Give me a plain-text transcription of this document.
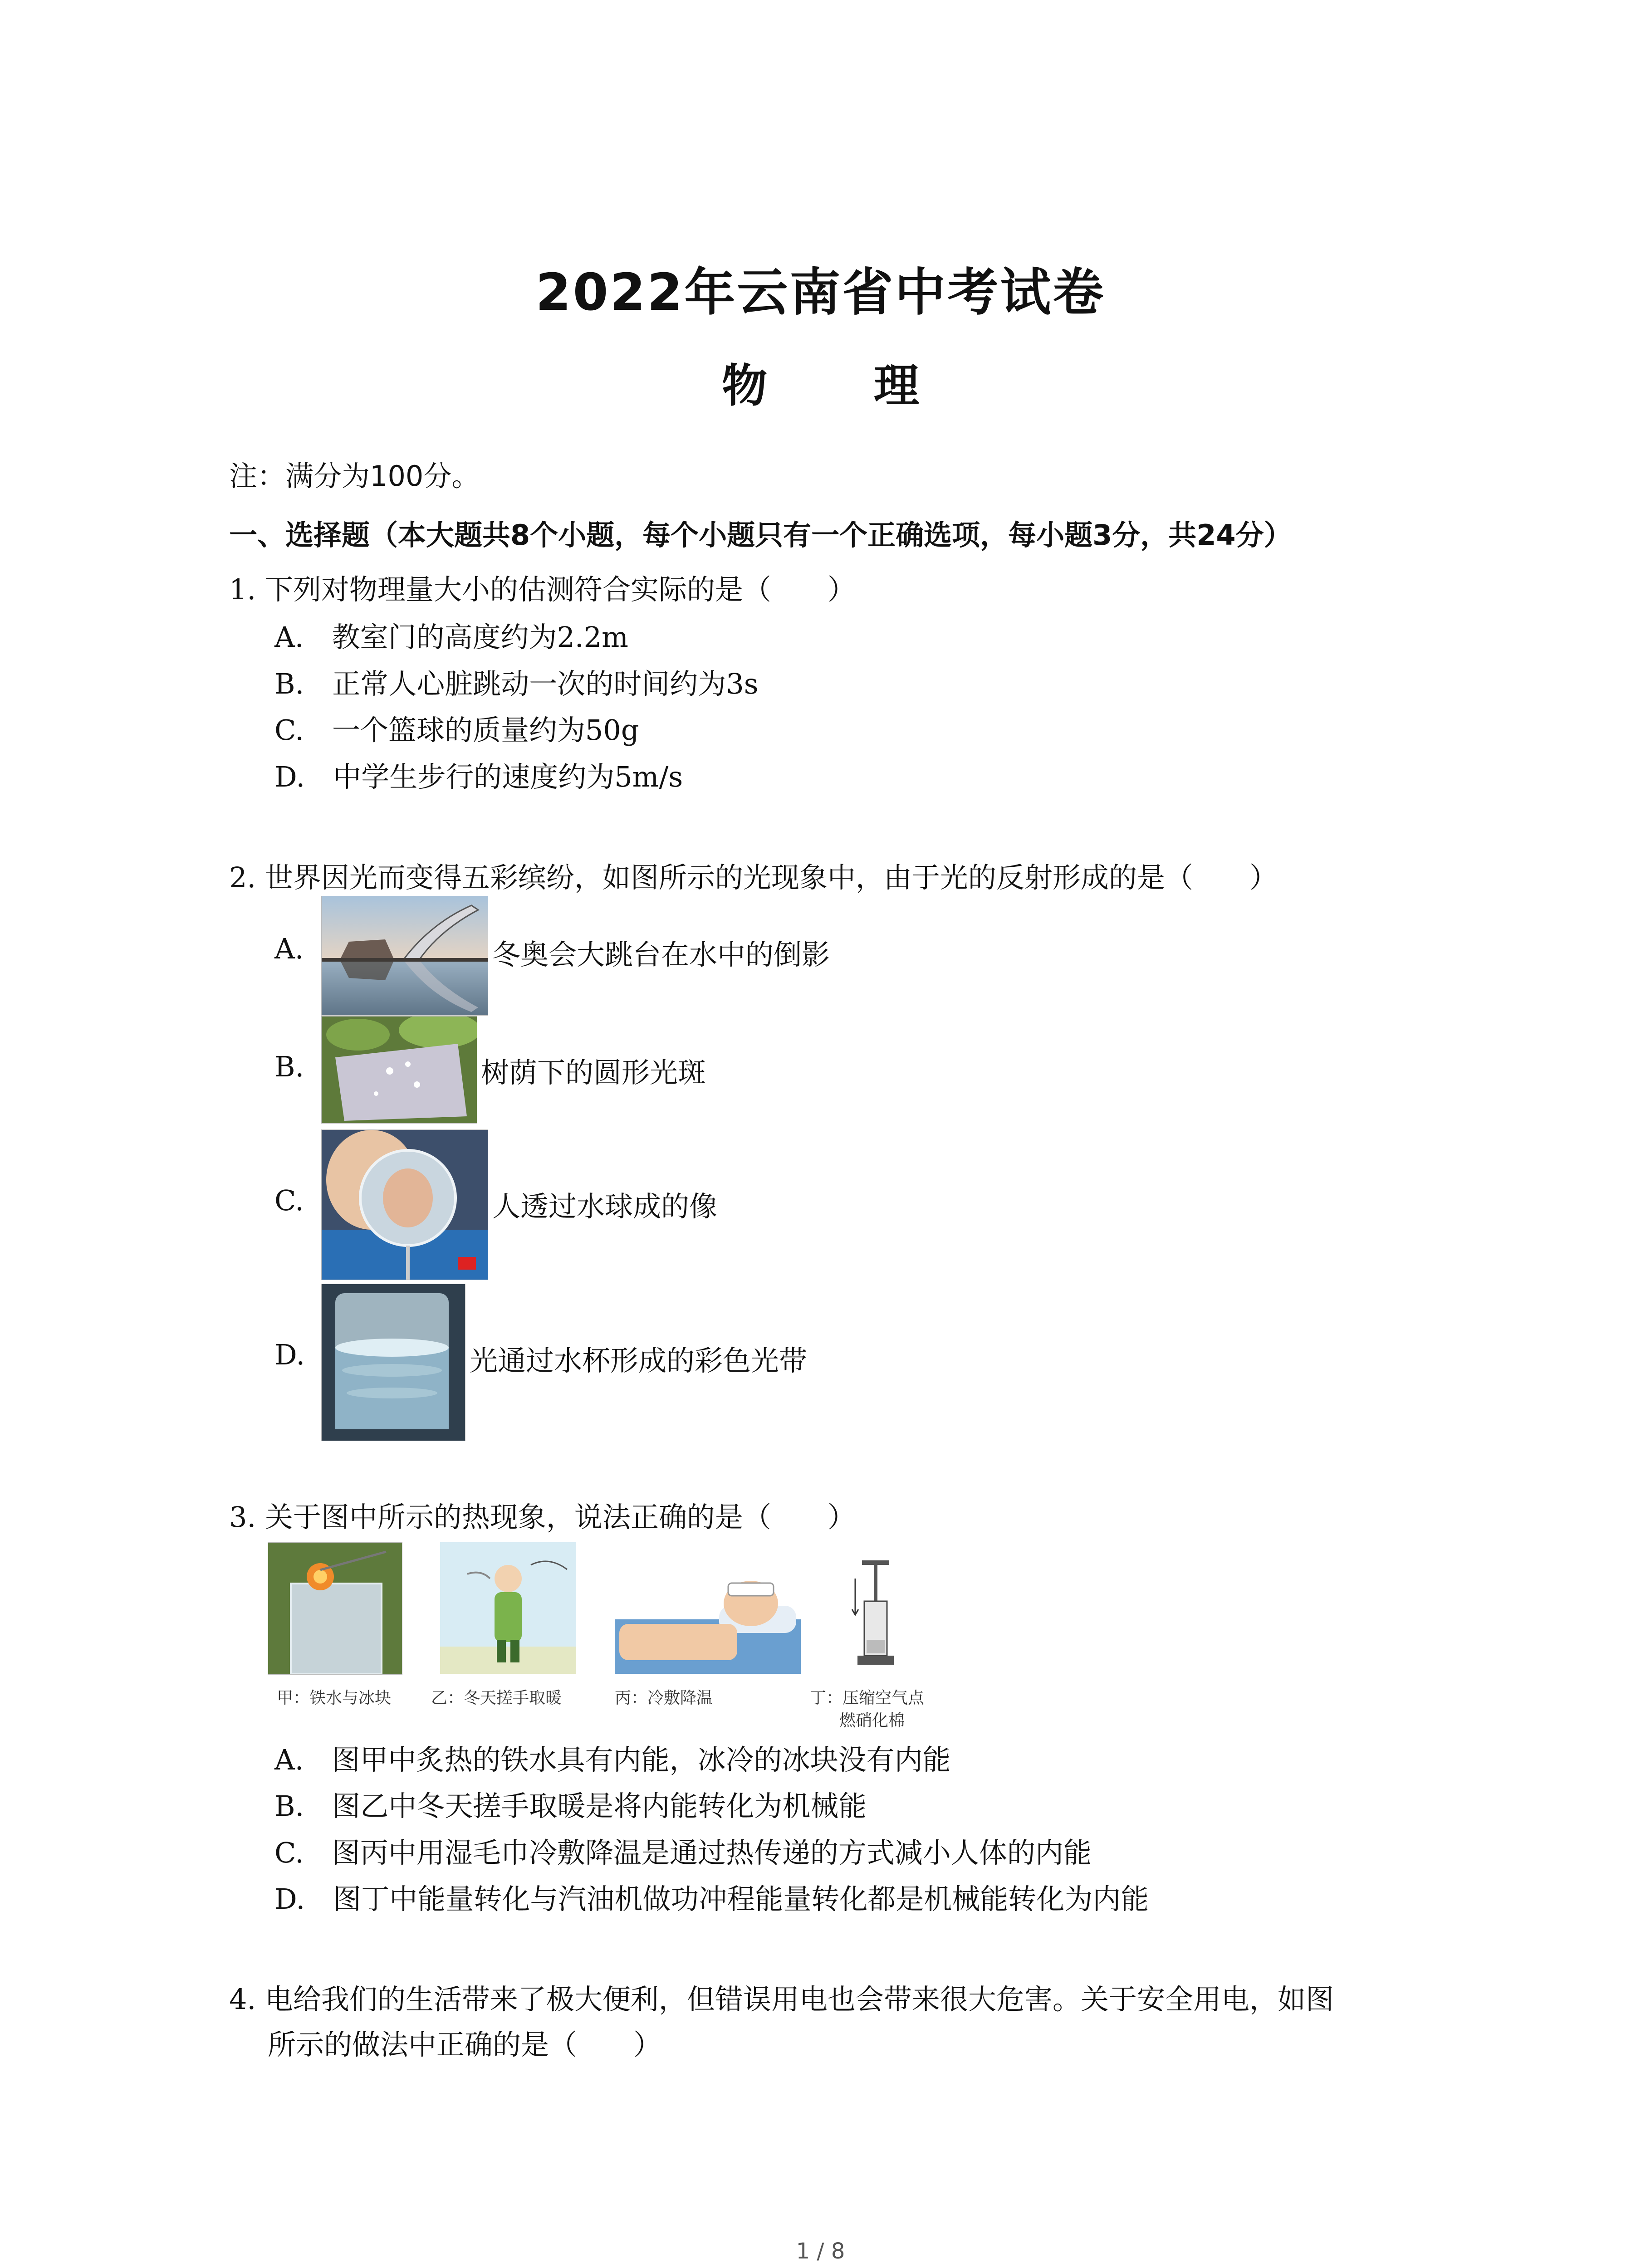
2022年云南省中考试卷
物 理
注：满分为100分。
一、选择题（本大题共8个小题，每个小题只有一个正确选项，每小题3分，共24分）
1. 下列对物理量大小的估测符合实际的是（　　）
A.　教室门的高度约为2.2m
B.　正常人心脏跳动一次的时间约为3s
C.　一个篮球的质量约为50g
D.　中学生步行的速度约为5m/s
2. 世界因光而变得五彩缤纷，如图所示的光现象中，由于光的反射形成的是（　　）
A.	冬奥会大跳台在水中的倒影
B.	树荫下的圆形光斑
C.	人透过水球成的像
D.	光通过水杯形成的彩色光带
3. 关于图中所示的热现象，说法正确的是（　　）
甲：铁水与冰块 乙：冬天搓手取暖	丙：冷敷降温	丁：压缩空气点
燃硝化棉
A.　图甲中炙热的铁水具有内能，冰冷的冰块没有内能
B.　图乙中冬天搓手取暖是将内能转化为机械能
C.　图丙中用湿毛巾冷敷降温是通过热传递的方式减小人体的内能
D.　图丁中能量转化与汽油机做功冲程能量转化都是机械能转化为内能
4. 电给我们的生活带来了极大便利，但错误用电也会带来很大危害。关于安全用电，如图
所示的做法中正确的是（　　）
1 / 8
